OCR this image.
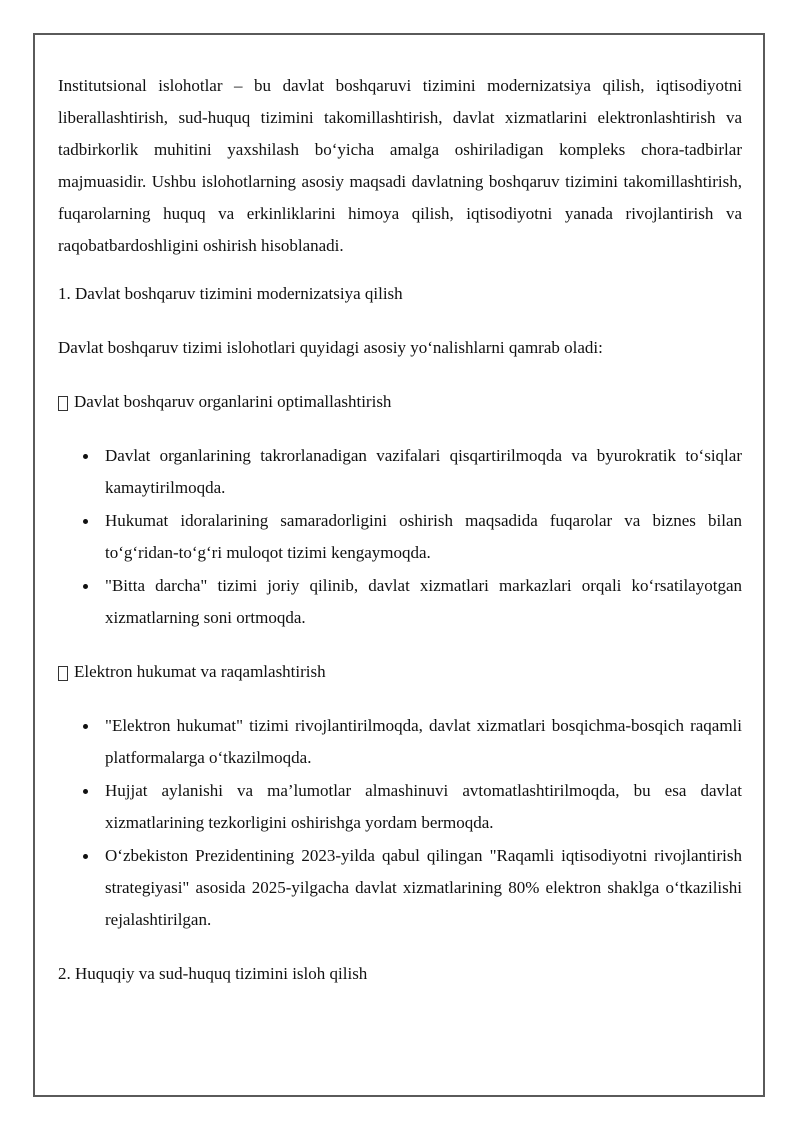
Institutsional islohotlar – bu davlat boshqaruvi tizimini modernizatsiya qilish, iqtisodiyotni liberallashtirish, sud-huquq tizimini takomillashtirish, davlat xizmatlarini elektronlashtirish va tadbirkorlik muhitini yaxshilash bo‘yicha amalga oshiriladigan kompleks chora-tadbirlar majmuasidir. Ushbu islohotlarning asosiy maqsadi davlatning boshqaruv tizimini takomillashtirish, fuqarolarning huquq va erkinliklarini himoya qilish, iqtisodiyotni yanada rivojlantirish va raqobatbardoshligini oshirish hisoblanadi.

1. Davlat boshqaruv tizimini modernizatsiya qilish

Davlat boshqaruv tizimi islohotlari quyidagi asosiy yo‘nalishlarni qamrab oladi:

Davlat boshqaruv organlarini optimallashtirish

Davlat organlarining takrorlanadigan vazifalari qisqartirilmoqda va byurokratik to‘siqlar kamaytirilmoqda.
Hukumat idoralarining samaradorligini oshirish maqsadida fuqarolar va biznes bilan to‘g‘ridan-to‘g‘ri muloqot tizimi kengaymoqda.
"Bitta darcha" tizimi joriy qilinib, davlat xizmatlari markazlari orqali ko‘rsatilayotgan xizmatlarning soni ortmoqda.

Elektron hukumat va raqamlashtirish

"Elektron hukumat" tizimi rivojlantirilmoqda, davlat xizmatlari bosqichma-bosqich raqamli platformalarga o‘tkazilmoqda.
Hujjat aylanishi va ma’lumotlar almashinuvi avtomatlashtirilmoqda, bu esa davlat xizmatlarining tezkorligini oshirishga yordam bermoqda.
O‘zbekiston Prezidentining 2023-yilda qabul qilingan "Raqamli iqtisodiyotni rivojlantirish strategiyasi" asosida 2025-yilgacha davlat xizmatlarining 80% elektron shaklga o‘tkazilishi rejalashtirilgan.

2. Huquqiy va sud-huquq tizimini isloh qilish
